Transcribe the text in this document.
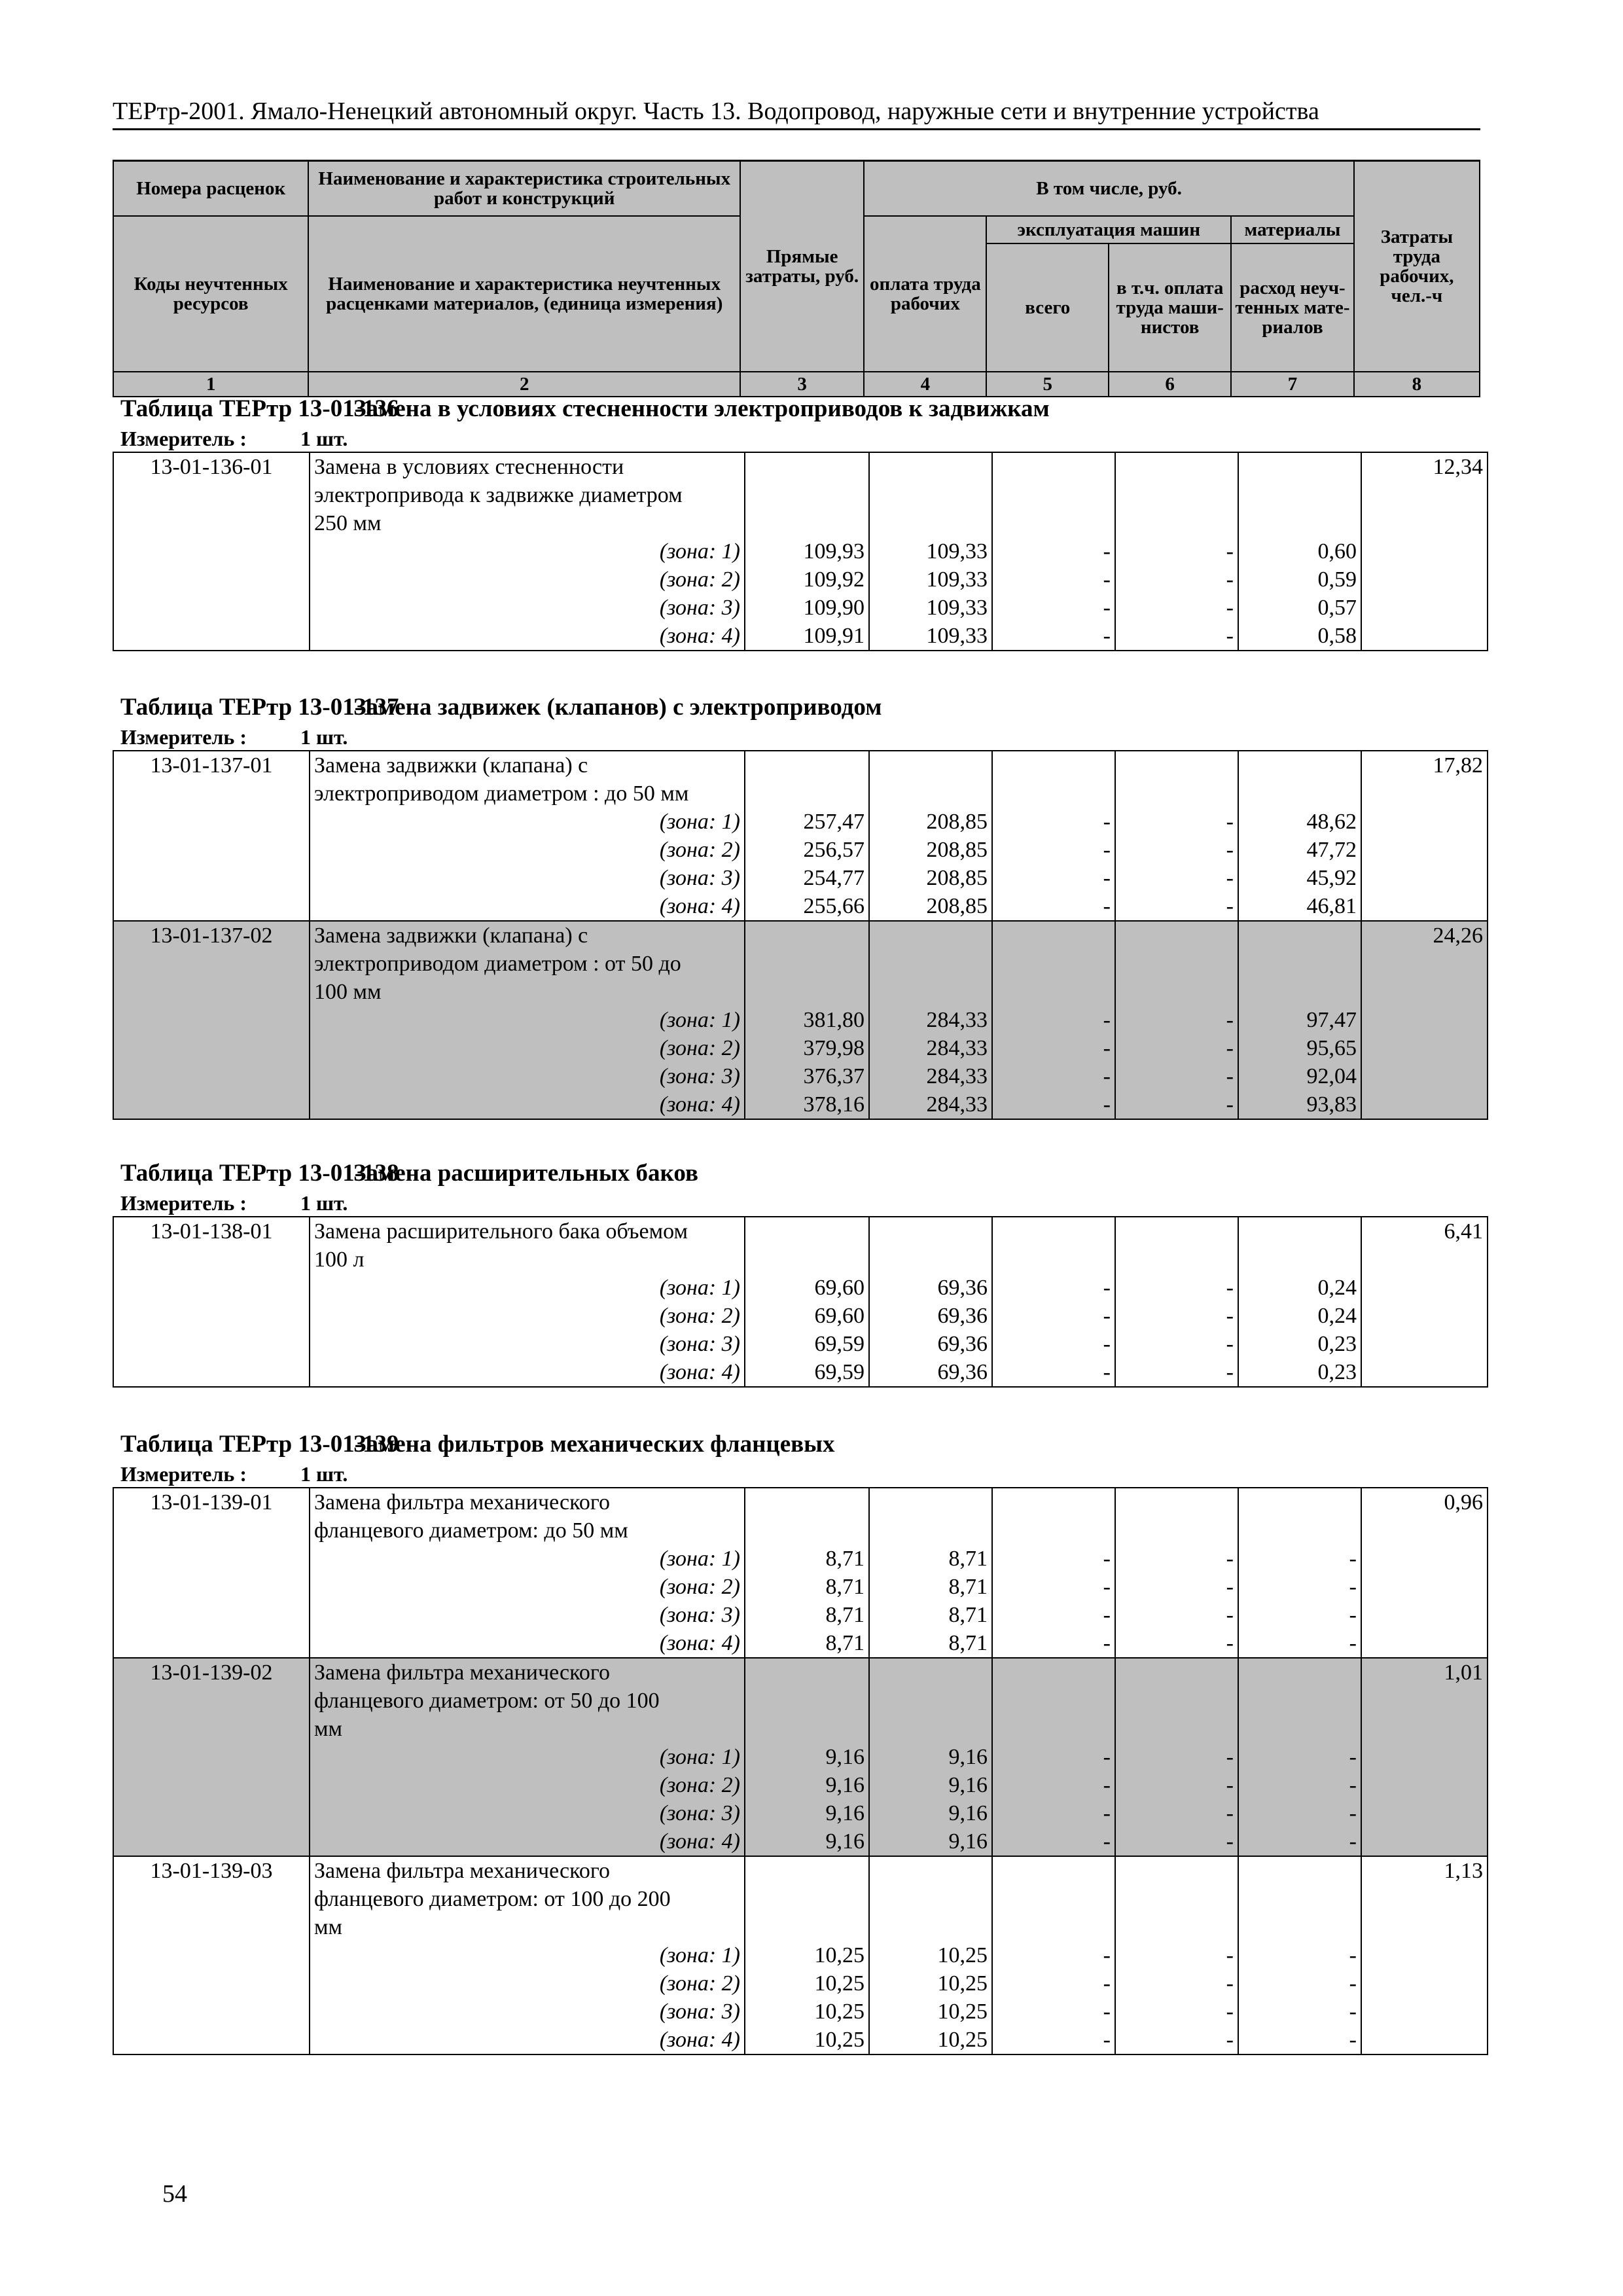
ТЕРтр-2001. Ямало-Ненецкий автономный округ. Часть 13. Водопровод, наружные сети и внутренние устройства
Номера расценок	Наименование и характеристика строительных работ и конструкций	Прямые затраты, руб.	В том числе, руб.				Затраты труда рабочих, чел.-ч
Коды неучтенных ресурсов	Наименование и характеристика неучтенных расценками материалов, (единица измерения)		оплата труда рабочих	эксплуатация машин		материалы	
				всего	в т.ч. оплата труда маши-нистов	расход неуч-тенных мате-риалов	
1	2	3	4	5	6	7	8
Таблица ТЕРтр 13-01-136Замена в условиях стесненности электроприводов к задвижкам
Измеритель :	1 шт.
13-01-136-01	Замена в условиях стесненности						12,34
	электропривода к задвижке диаметром						
	250 мм						
	(зона: 1)	109,93	109,33	-	-	0,60	
	(зона: 2)	109,92	109,33	-	-	0,59	
	(зона: 3)	109,90	109,33	-	-	0,57	
	(зона: 4)	109,91	109,33	-	-	0,58	
Таблица ТЕРтр 13-01-137Замена задвижек (клапанов) с электроприводом
Измеритель :	1 шт.
13-01-137-01	Замена задвижки (клапана) с						17,82
	электроприводом диаметром : до 50 мм						
	(зона: 1)	257,47	208,85	-	-	48,62	
	(зона: 2)	256,57	208,85	-	-	47,72	
	(зона: 3)	254,77	208,85	-	-	45,92	
	(зона: 4)	255,66	208,85	-	-	46,81	
13-01-137-02	Замена задвижки (клапана) с						24,26
	электроприводом диаметром : от 50 до						
	100 мм						
	(зона: 1)	381,80	284,33	-	-	97,47	
	(зона: 2)	379,98	284,33	-	-	95,65	
	(зона: 3)	376,37	284,33	-	-	92,04	
	(зона: 4)	378,16	284,33	-	-	93,83	
Таблица ТЕРтр 13-01-138Замена расширительных баков
Измеритель :	1 шт.
13-01-138-01	Замена расширительного бака объемом						6,41
	100 л						
	(зона: 1)	69,60	69,36	-	-	0,24	
	(зона: 2)	69,60	69,36	-	-	0,24	
	(зона: 3)	69,59	69,36	-	-	0,23	
	(зона: 4)	69,59	69,36	-	-	0,23	
Таблица ТЕРтр 13-01-139Замена фильтров механических фланцевых
Измеритель :	1 шт.
13-01-139-01	Замена фильтра механического						0,96
	фланцевого диаметром: до 50 мм						
	(зона: 1)	8,71	8,71	-	-	-	
	(зона: 2)	8,71	8,71	-	-	-	
	(зона: 3)	8,71	8,71	-	-	-	
	(зона: 4)	8,71	8,71	-	-	-	
13-01-139-02	Замена фильтра механического						1,01
	фланцевого диаметром: от 50 до 100						
	мм						
	(зона: 1)	9,16	9,16	-	-	-	
	(зона: 2)	9,16	9,16	-	-	-	
	(зона: 3)	9,16	9,16	-	-	-	
	(зона: 4)	9,16	9,16	-	-	-	
13-01-139-03	Замена фильтра механического						1,13
	фланцевого диаметром: от 100 до 200						
	мм						
	(зона: 1)	10,25	10,25	-	-	-	
	(зона: 2)	10,25	10,25	-	-	-	
	(зона: 3)	10,25	10,25	-	-	-	
	(зона: 4)	10,25	10,25	-	-	-	
54
